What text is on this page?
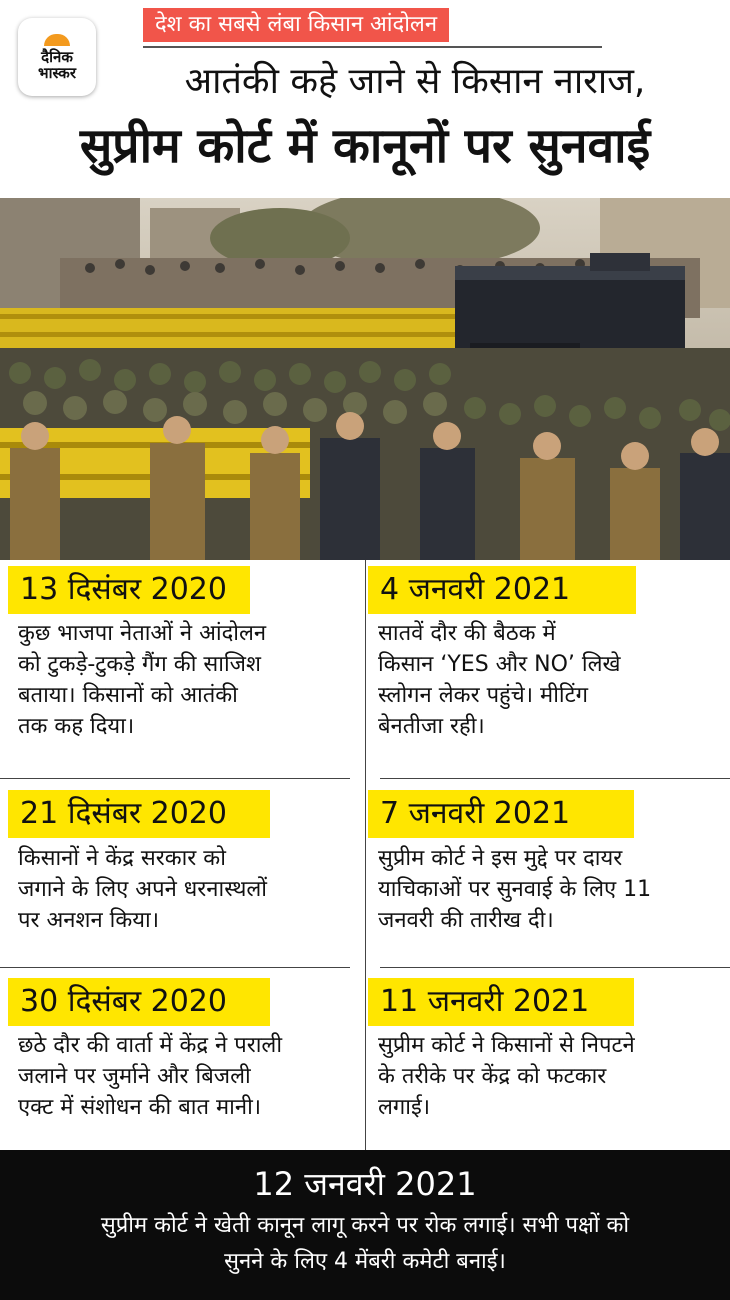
देश का सबसे लंबा किसान आंदोलन
दैनिक भास्कर	आतंकी कहे जाने से किसान नाराज,
सुप्रीम कोर्ट में कानूनों पर सुनवाई
13 दिसंबर 2020
कुछ भाजपा नेताओं ने आंदोलन
को टुकड़े-टुकड़े गैंग की साजिश
बताया। किसानों को आतंकी
तक कह दिया।
21 दिसंबर 2020
किसानों ने केंद्र सरकार को
जगाने के लिए अपने धरनास्थलों
पर अनशन किया।
30 दिसंबर 2020
छठे दौर की वार्ता में केंद्र ने पराली
जलाने पर जुर्माने और बिजली
एक्ट में संशोधन की बात मानी।
4 जनवरी 2021
सातवें दौर की बैठक में
किसान ‘YES और NO’ लिखे
स्लोगन लेकर पहुंचे। मीटिंग
बेनतीजा रही।
7 जनवरी 2021
सुप्रीम कोर्ट ने इस मुद्दे पर दायर
याचिकाओं पर सुनवाई के लिए 11
जनवरी की तारीख दी।
11 जनवरी 2021
सुप्रीम कोर्ट ने किसानों से निपटने
के तरीके पर केंद्र को फटकार
लगाई।
12 जनवरी 2021
सुप्रीम कोर्ट ने खेती कानून लागू करने पर रोक लगाई। सभी पक्षों को
सुनने के लिए 4 मेंबरी कमेटी बनाई।
